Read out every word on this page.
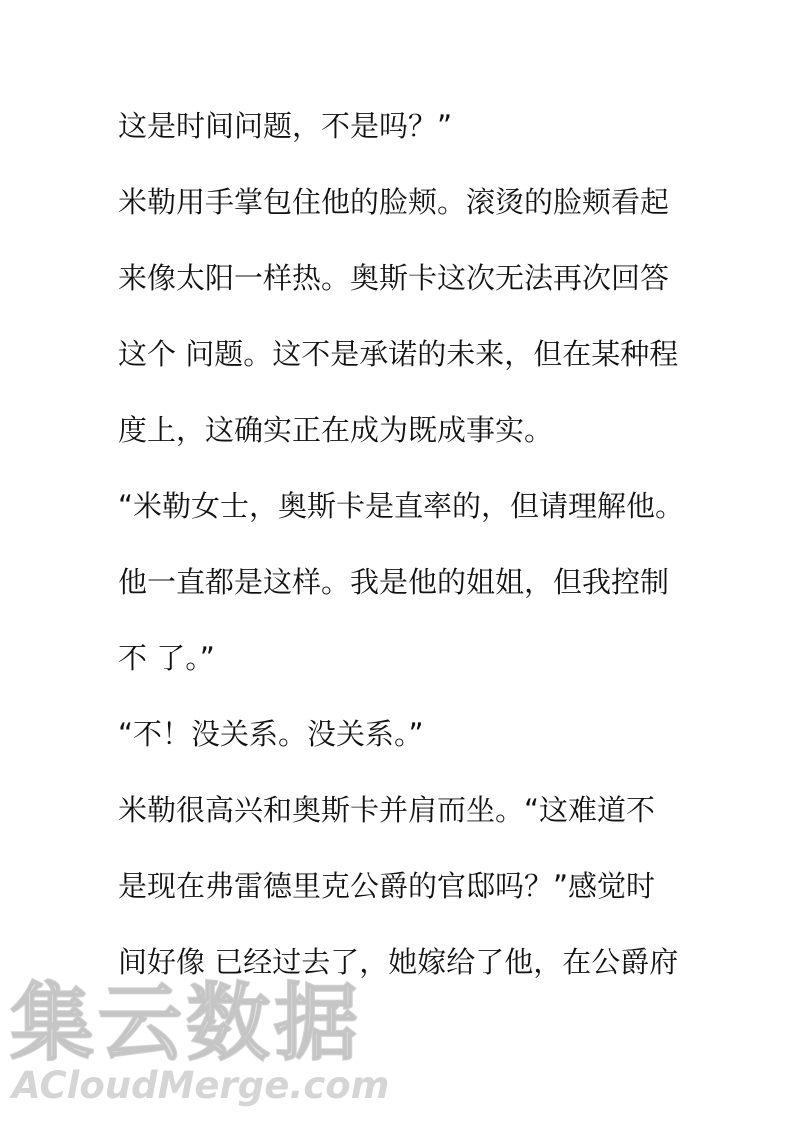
这是时间问题，不是吗？”
米勒用手掌包住他的脸颊。滚烫的脸颊看起
来像太阳一样热。奥斯卡这次无法再次回答
这个 问题。这不是承诺的未来，但在某种程
度上，这确实正在成为既成事实。
“米勒女士，奥斯卡是直率的，但请理解他。
他一直都是这样。我是他的姐姐，但我控制
不 了。”
“不！没关系。没关系。”
米勒很高兴和奥斯卡并肩而坐。“这难道不
是现在弗雷德里克公爵的官邸吗？”感觉时
间好像 已经过去了，她嫁给了他，在公爵府
集云数据
ACloudMerge.com
